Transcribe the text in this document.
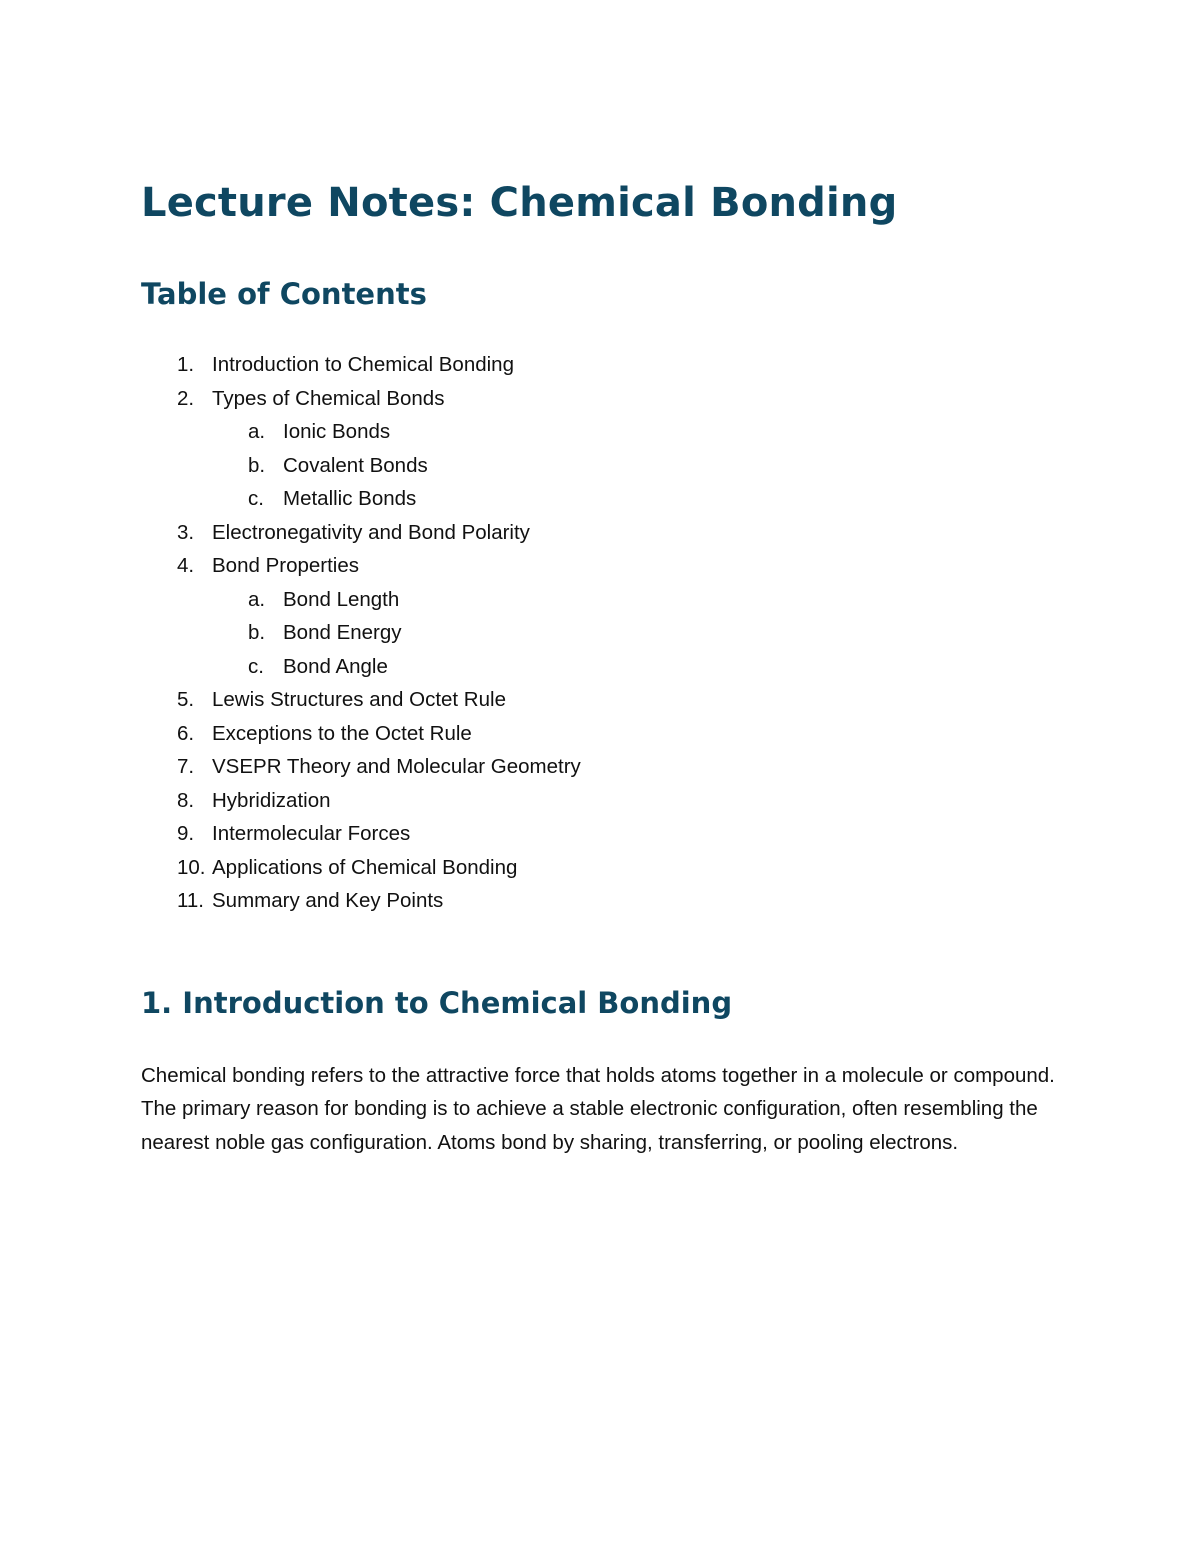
Lecture Notes: Chemical Bonding
Table of Contents
1. Introduction to Chemical Bonding
2. Types of Chemical Bonds
a. Ionic Bonds
b. Covalent Bonds
c. Metallic Bonds
3. Electronegativity and Bond Polarity
4. Bond Properties
a. Bond Length
b. Bond Energy
c. Bond Angle
5. Lewis Structures and Octet Rule
6. Exceptions to the Octet Rule
7. VSEPR Theory and Molecular Geometry
8. Hybridization
9. Intermolecular Forces
10. Applications of Chemical Bonding
11. Summary and Key Points
1. Introduction to Chemical Bonding

Chemical bonding refers to the attractive force that holds atoms together in a molecule or compound. The primary reason for bonding is to achieve a stable electronic configuration, often resembling the nearest noble gas configuration. Atoms bond by sharing, transferring, or pooling electrons.
